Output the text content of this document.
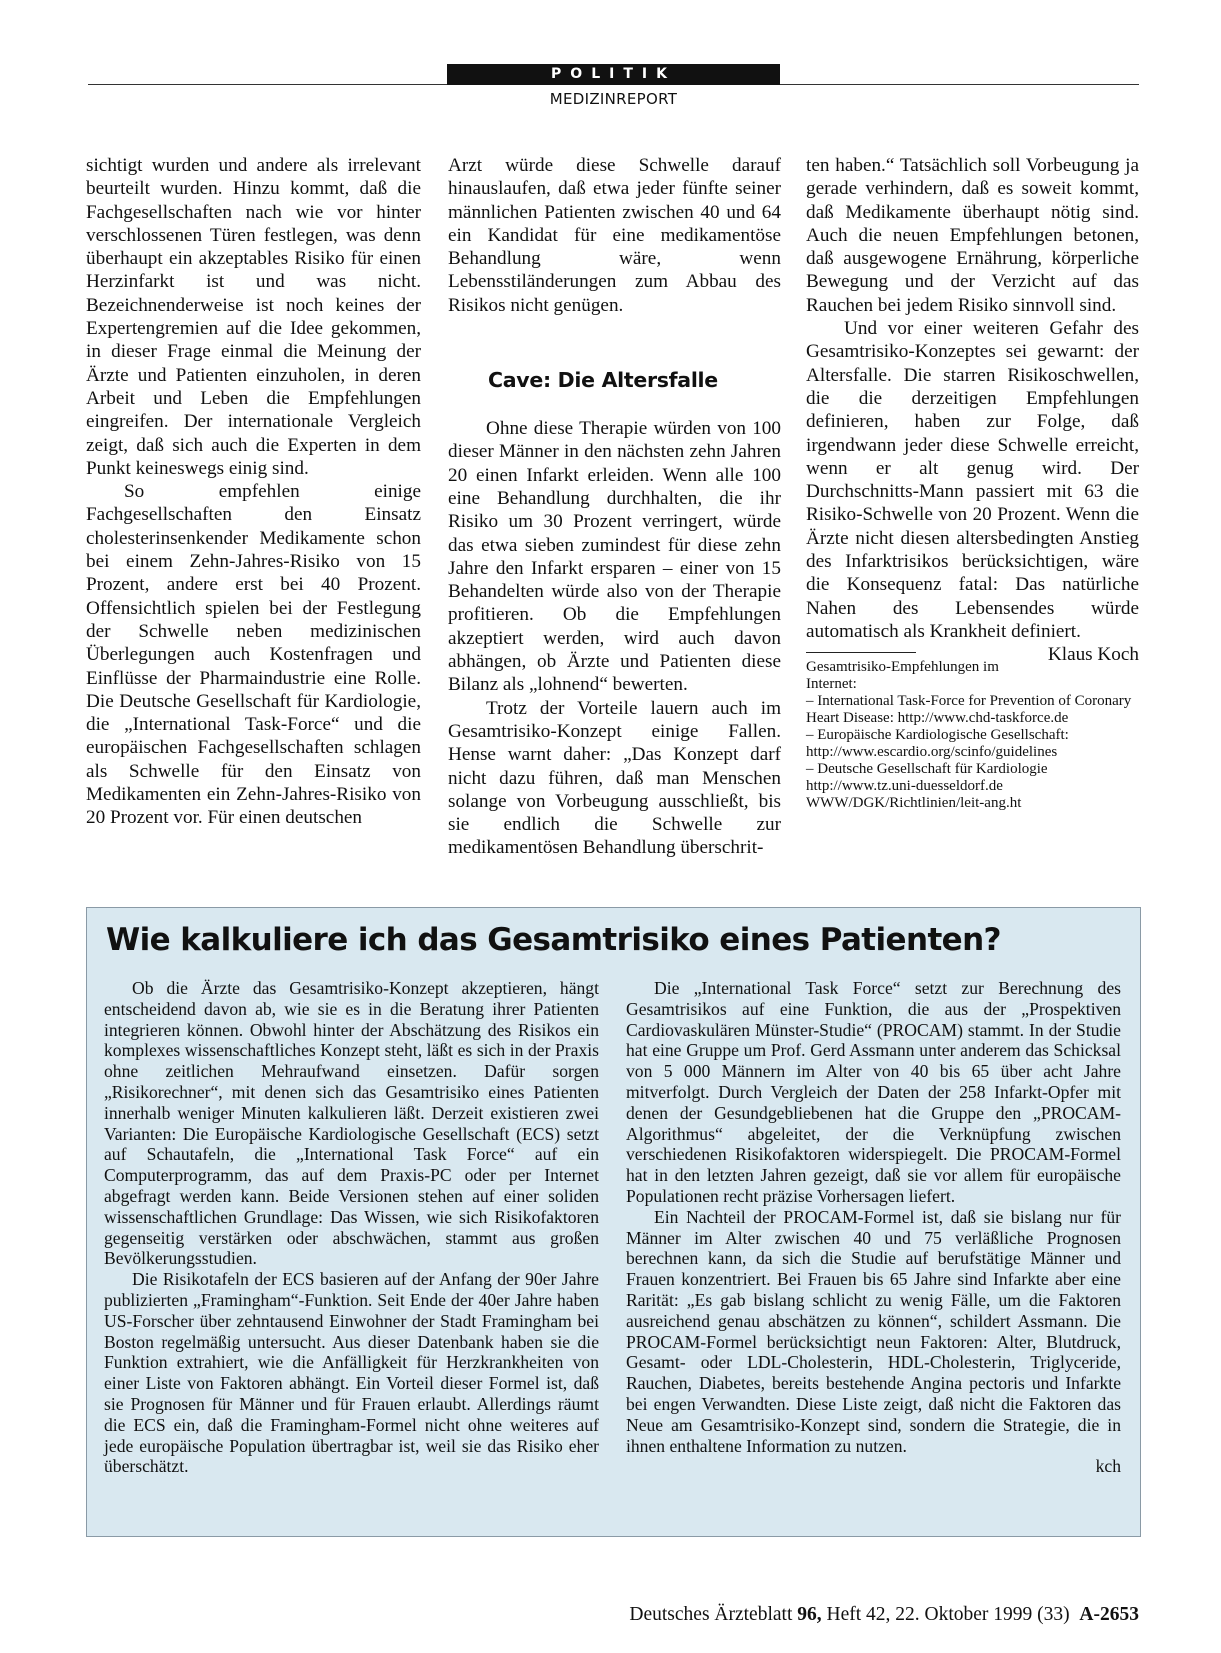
POLITIK
MEDIZINREPORT

sichtigt wurden und andere als irrelevant beurteilt wurden. Hinzu kommt, daß die Fachgesellschaften nach wie vor hinter verschlossenen Türen festlegen, was denn überhaupt ein akzeptables Risiko für einen Herzinfarkt ist und was nicht. Bezeichnenderweise ist noch keines der Expertengremien auf die Idee gekommen, in dieser Frage einmal die Meinung der Ärzte und Patienten einzuholen, in deren Arbeit und Leben die Empfehlungen eingreifen. Der internationale Vergleich zeigt, daß sich auch die Experten in dem Punkt keineswegs einig sind.

So empfehlen einige Fachgesellschaften den Einsatz cholesterinsenkender Medikamente schon bei einem Zehn-Jahres-Risiko von 15 Prozent, andere erst bei 40 Prozent. Offensichtlich spielen bei der Festlegung der Schwelle neben medizinischen Überlegungen auch Kostenfragen und Einflüsse der Pharmaindustrie eine Rolle. Die Deutsche Gesellschaft für Kardiologie, die „International Task-Force“ und die europäischen Fachgesellschaften schlagen als Schwelle für den Einsatz von Medikamenten ein Zehn-Jahres-Risiko von 20 Prozent vor. Für einen deutschen

Arzt würde diese Schwelle darauf hinauslaufen, daß etwa jeder fünfte seiner männlichen Patienten zwischen 40 und 64 ein Kandidat für eine medikamentöse Behandlung wäre, wenn Lebensstiländerungen zum Abbau des Risikos nicht genügen.

Cave: Die Altersfalle

Ohne diese Therapie würden von 100 dieser Männer in den nächsten zehn Jahren 20 einen Infarkt erleiden. Wenn alle 100 eine Behandlung durchhalten, die ihr Risiko um 30 Prozent verringert, würde das etwa sieben zumindest für diese zehn Jahre den Infarkt ersparen – einer von 15 Behandelten würde also von der Therapie profitieren. Ob die Empfehlungen akzeptiert werden, wird auch davon abhängen, ob Ärzte und Patienten diese Bilanz als „lohnend“ bewerten.

Trotz der Vorteile lauern auch im Gesamtrisiko-Konzept einige Fallen. Hense warnt daher: „Das Konzept darf nicht dazu führen, daß man Menschen solange von Vorbeugung ausschließt, bis sie endlich die Schwelle zur medikamentösen Behandlung überschrit-

ten haben.“ Tatsächlich soll Vorbeugung ja gerade verhindern, daß es soweit kommt, daß Medikamente überhaupt nötig sind. Auch die neuen Empfehlungen betonen, daß ausgewogene Ernährung, körperliche Bewegung und der Verzicht auf das Rauchen bei jedem Risiko sinnvoll sind.

Und vor einer weiteren Gefahr des Gesamtrisiko-Konzeptes sei gewarnt: der Altersfalle. Die starren Risikoschwellen, die die derzeitigen Empfehlungen definieren, haben zur Folge, daß irgendwann jeder diese Schwelle erreicht, wenn er alt genug wird. Der Durchschnitts-Mann passiert mit 63 die Risiko-Schwelle von 20 Prozent. Wenn die Ärzte nicht diesen altersbedingten Anstieg des Infarktrisikos berücksichtigen, wäre die Konsequenz fatal: Das natürliche Nahen des Lebensendes würde automatisch als Krankheit definiert.
Klaus Koch

Gesamtrisiko-Empfehlungen im Internet:
– International Task-Force for Prevention of Coronary Heart Disease: http://www.chd-taskforce.de
– Europäische Kardiologische Gesellschaft: http://www.escardio.org/scinfo/guidelines
– Deutsche Gesellschaft für Kardiologie http://www.tz.uni-duesseldorf.de WWW/DGK/Richtlinien/leit-ang.ht
Wie kalkuliere ich das Gesamtrisiko eines Patienten?

Ob die Ärzte das Gesamtrisiko-Konzept akzeptieren, hängt entscheidend davon ab, wie sie es in die Beratung ihrer Patienten integrieren können. Obwohl hinter der Abschätzung des Risikos ein komplexes wissenschaftliches Konzept steht, läßt es sich in der Praxis ohne zeitlichen Mehraufwand einsetzen. Dafür sorgen „Risikorechner“, mit denen sich das Gesamtrisiko eines Patienten innerhalb weniger Minuten kalkulieren läßt. Derzeit existieren zwei Varianten: Die Europäische Kardiologische Gesellschaft (ECS) setzt auf Schautafeln, die „International Task Force“ auf ein Computerprogramm, das auf dem Praxis-PC oder per Internet abgefragt werden kann. Beide Versionen stehen auf einer soliden wissenschaftlichen Grundlage: Das Wissen, wie sich Risikofaktoren gegenseitig verstärken oder abschwächen, stammt aus großen Bevölkerungsstudien.

Die Risikotafeln der ECS basieren auf der Anfang der 90er Jahre publizierten „Framingham“-Funktion. Seit Ende der 40er Jahre haben US-Forscher über zehntausend Einwohner der Stadt Framingham bei Boston regelmäßig untersucht. Aus dieser Datenbank haben sie die Funktion extrahiert, wie die Anfälligkeit für Herzkrankheiten von einer Liste von Faktoren abhängt. Ein Vorteil dieser Formel ist, daß sie Prognosen für Männer und für Frauen erlaubt. Allerdings räumt die ECS ein, daß die Framingham-Formel nicht ohne weiteres auf jede europäische Population übertragbar ist, weil sie das Risiko eher überschätzt.

Die „International Task Force“ setzt zur Berechnung des Gesamtrisikos auf eine Funktion, die aus der „Prospektiven Cardiovaskulären Münster-Studie“ (PROCAM) stammt. In der Studie hat eine Gruppe um Prof. Gerd Assmann unter anderem das Schicksal von 5 000 Männern im Alter von 40 bis 65 über acht Jahre mitverfolgt. Durch Vergleich der Daten der 258 Infarkt-Opfer mit denen der Gesundgebliebenen hat die Gruppe den „PROCAM-Algorithmus“ abgeleitet, der die Verknüpfung zwischen verschiedenen Risikofaktoren widerspiegelt. Die PROCAM-Formel hat in den letzten Jahren gezeigt, daß sie vor allem für europäische Populationen recht präzise Vorhersagen liefert.

Ein Nachteil der PROCAM-Formel ist, daß sie bislang nur für Männer im Alter zwischen 40 und 75 verläßliche Prognosen berechnen kann, da sich die Studie auf berufstätige Männer und Frauen konzentriert. Bei Frauen bis 65 Jahre sind Infarkte aber eine Rarität: „Es gab bislang schlicht zu wenig Fälle, um die Faktoren ausreichend genau abschätzen zu können“, schildert Assmann. Die PROCAM-Formel berücksichtigt neun Faktoren: Alter, Blutdruck, Gesamt- oder LDL-Cholesterin, HDL-Cholesterin, Triglyceride, Rauchen, Diabetes, bereits bestehende Angina pectoris und Infarkte bei engen Verwandten. Diese Liste zeigt, daß nicht die Faktoren das Neue am Gesamtrisiko-Konzept sind, sondern die Strategie, die in ihnen enthaltene Information zu nutzen.

kch

Deutsches Ärzteblatt 96, Heft 42, 22. Oktober 1999 (33) A-2653
